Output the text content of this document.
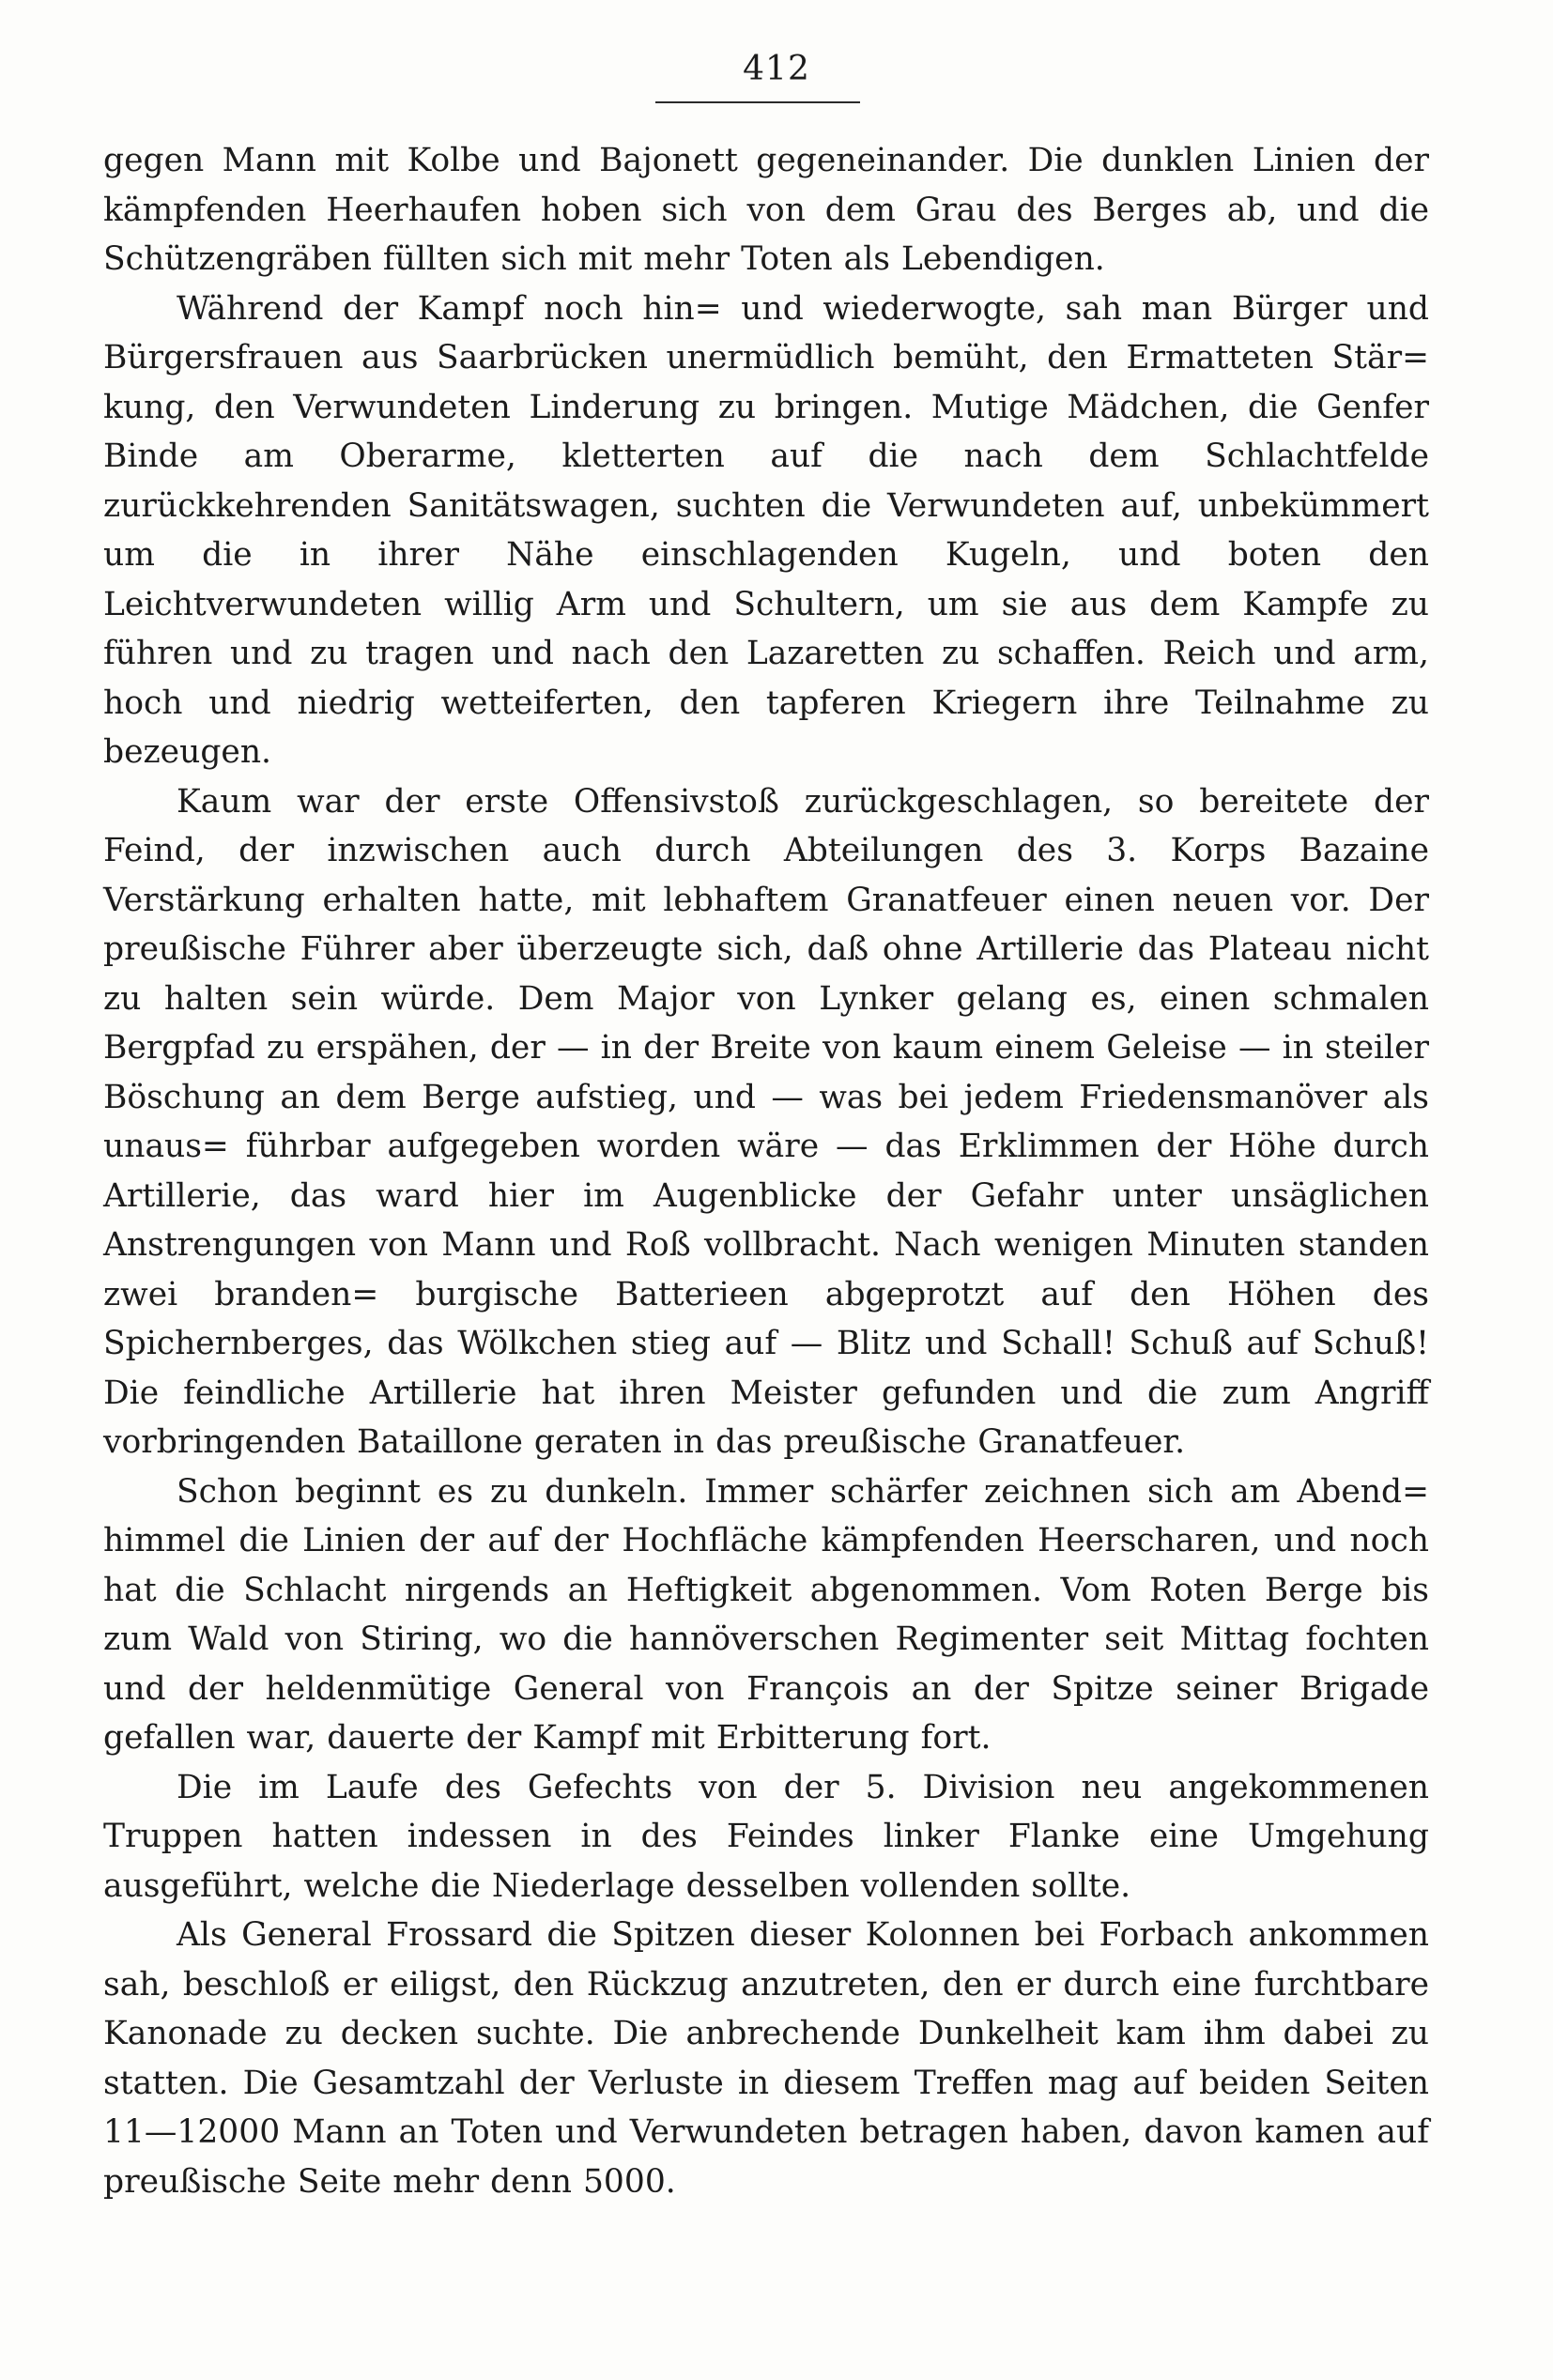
412

gegen Mann mit Kolbe und Bajonett gegeneinander. Die dunklen Linien der kämpfenden Heerhaufen hoben sich von dem Grau des Berges ab, und die Schützengräben füllten sich mit mehr Toten als Lebendigen.

Während der Kampf noch hin= und wiederwogte, sah man Bürger und Bürgersfrauen aus Saarbrücken unermüdlich bemüht, den Ermatteten Stär= kung, den Verwundeten Linderung zu bringen. Mutige Mädchen, die Genfer Binde am Oberarme, kletterten auf die nach dem Schlachtfelde zurückkehrenden Sanitätswagen, suchten die Verwundeten auf, unbekümmert um die in ihrer Nähe einschlagenden Kugeln, und boten den Leichtverwundeten willig Arm und Schultern, um sie aus dem Kampfe zu führen und zu tragen und nach den Lazaretten zu schaffen. Reich und arm, hoch und niedrig wetteiferten, den tapferen Kriegern ihre Teilnahme zu bezeugen.

Kaum war der erste Offensivstoß zurückgeschlagen, so bereitete der Feind, der inzwischen auch durch Abteilungen des 3. Korps Bazaine Verstärkung erhalten hatte, mit lebhaftem Granatfeuer einen neuen vor. Der preußische Führer aber überzeugte sich, daß ohne Artillerie das Plateau nicht zu halten sein würde. Dem Major von Lynker gelang es, einen schmalen Bergpfad zu erspähen, der — in der Breite von kaum einem Geleise — in steiler Böschung an dem Berge aufstieg, und — was bei jedem Friedensmanöver als unaus= führbar aufgegeben worden wäre — das Erklimmen der Höhe durch Artillerie, das ward hier im Augenblicke der Gefahr unter unsäglichen Anstrengungen von Mann und Roß vollbracht. Nach wenigen Minuten standen zwei branden= burgische Batterieen abgeprotzt auf den Höhen des Spichernberges, das Wölkchen stieg auf — Blitz und Schall! Schuß auf Schuß! Die feindliche Artillerie hat ihren Meister gefunden und die zum Angriff vorbringenden Bataillone geraten in das preußische Granatfeuer.

Schon beginnt es zu dunkeln. Immer schärfer zeichnen sich am Abend= himmel die Linien der auf der Hochfläche kämpfenden Heerscharen, und noch hat die Schlacht nirgends an Heftigkeit abgenommen. Vom Roten Berge bis zum Wald von Stiring, wo die hannöverschen Regimenter seit Mittag fochten und der heldenmütige General von François an der Spitze seiner Brigade gefallen war, dauerte der Kampf mit Erbitterung fort.

Die im Laufe des Gefechts von der 5. Division neu angekommenen Truppen hatten indessen in des Feindes linker Flanke eine Umgehung ausgeführt, welche die Niederlage desselben vollenden sollte.

Als General Frossard die Spitzen dieser Kolonnen bei Forbach ankommen sah, beschloß er eiligst, den Rückzug anzutreten, den er durch eine furchtbare Kanonade zu decken suchte. Die anbrechende Dunkelheit kam ihm dabei zu statten. Die Gesamtzahl der Verluste in diesem Treffen mag auf beiden Seiten 11—12000 Mann an Toten und Verwundeten betragen haben, davon kamen auf preußische Seite mehr denn 5000.
